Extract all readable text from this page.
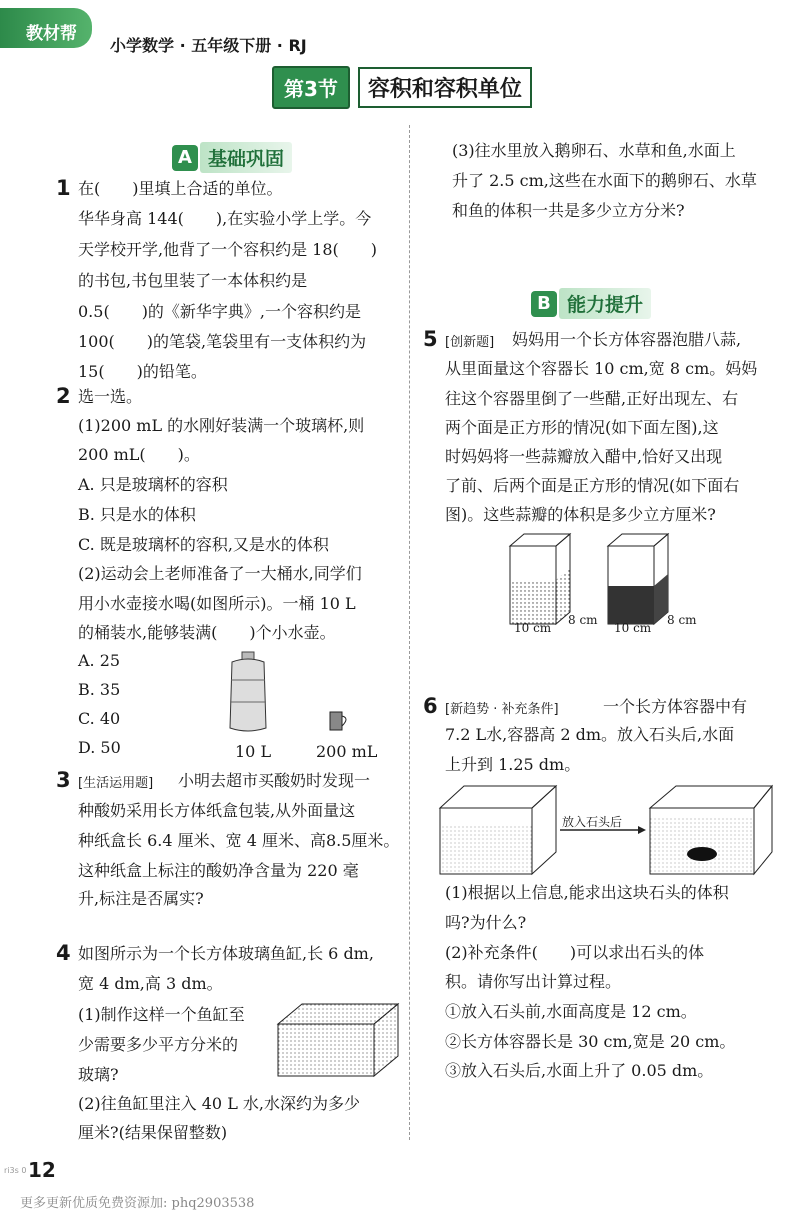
教材帮
小学数学 · 五年级下册 · RJ
第3节	容积和容积单位
A 基础巩固
1 在(　　)里填上合适的单位。
华华身高 144(　　),在实验小学上学。今
天学校开学,他背了一个容积约是 18(　　)
的书包,书包里装了一本体积约是
0.5(　　)的《新华字典》,一个容积约是
100(　　)的笔袋,笔袋里有一支体积约为
15(　　)的铅笔。
2 选一选。
(1)200 mL 的水刚好装满一个玻璃杯,则
200 mL(　　)。
A. 只是玻璃杯的容积
B. 只是水的体积
C. 既是玻璃杯的容积,又是水的体积
(2)运动会上老师准备了一大桶水,同学们
用小水壶接水喝(如图所示)。一桶 10 L
的桶装水,能够装满(　　)个小水壶。
A. 25
B. 35
C. 40
D. 50	10 L	200 mL
3 [生活运用题] 小明去超市买酸奶时发现一
种酸奶采用长方体纸盒包装,从外面量这
种纸盒长 6.4 厘米、宽 4 厘米、高8.5厘米。
这种纸盒上标注的酸奶净含量为 220 毫
升,标注是否属实?
4 如图所示为一个长方体玻璃鱼缸,长 6 dm,
宽 4 dm,高 3 dm。
(1)制作这样一个鱼缸至
少需要多少平方分米的
玻璃?
(2)往鱼缸里注入 40 L 水,水深约为多少
厘米?(结果保留整数)
(3)往水里放入鹅卵石、水草和鱼,水面上
升了 2.5 cm,这些在水面下的鹅卵石、水草
和鱼的体积一共是多少立方分米?
B 能力提升
5 [创新题] 妈妈用一个长方体容器泡腊八蒜,
从里面量这个容器长 10 cm,宽 8 cm。妈妈
往这个容器里倒了一些醋,正好出现左、右
两个面是正方形的情况(如下面左图),这
时妈妈将一些蒜瓣放入醋中,恰好又出现
了前、后两个面是正方形的情况(如下面右
图)。这些蒜瓣的体积是多少立方厘米?
10 cm
8 cm
10 cm
8 cm
6 [新趋势 · 补充条件]	一个长方体容器中有
7.2 L水,容器高 2 dm。放入石头后,水面
上升到 1.25 dm。
放入石头后
(1)根据以上信息,能求出这块石头的体积
吗?为什么?
(2)补充条件(　　)可以求出石头的体
积。请你写出计算过程。
①放入石头前,水面高度是 12 cm。
②长方体容器长是 30 cm,宽是 20 cm。
③放入石头后,水面上升了 0.05 dm。
ri3s 0 12
更多更新优质免费资源加: phq2903538
